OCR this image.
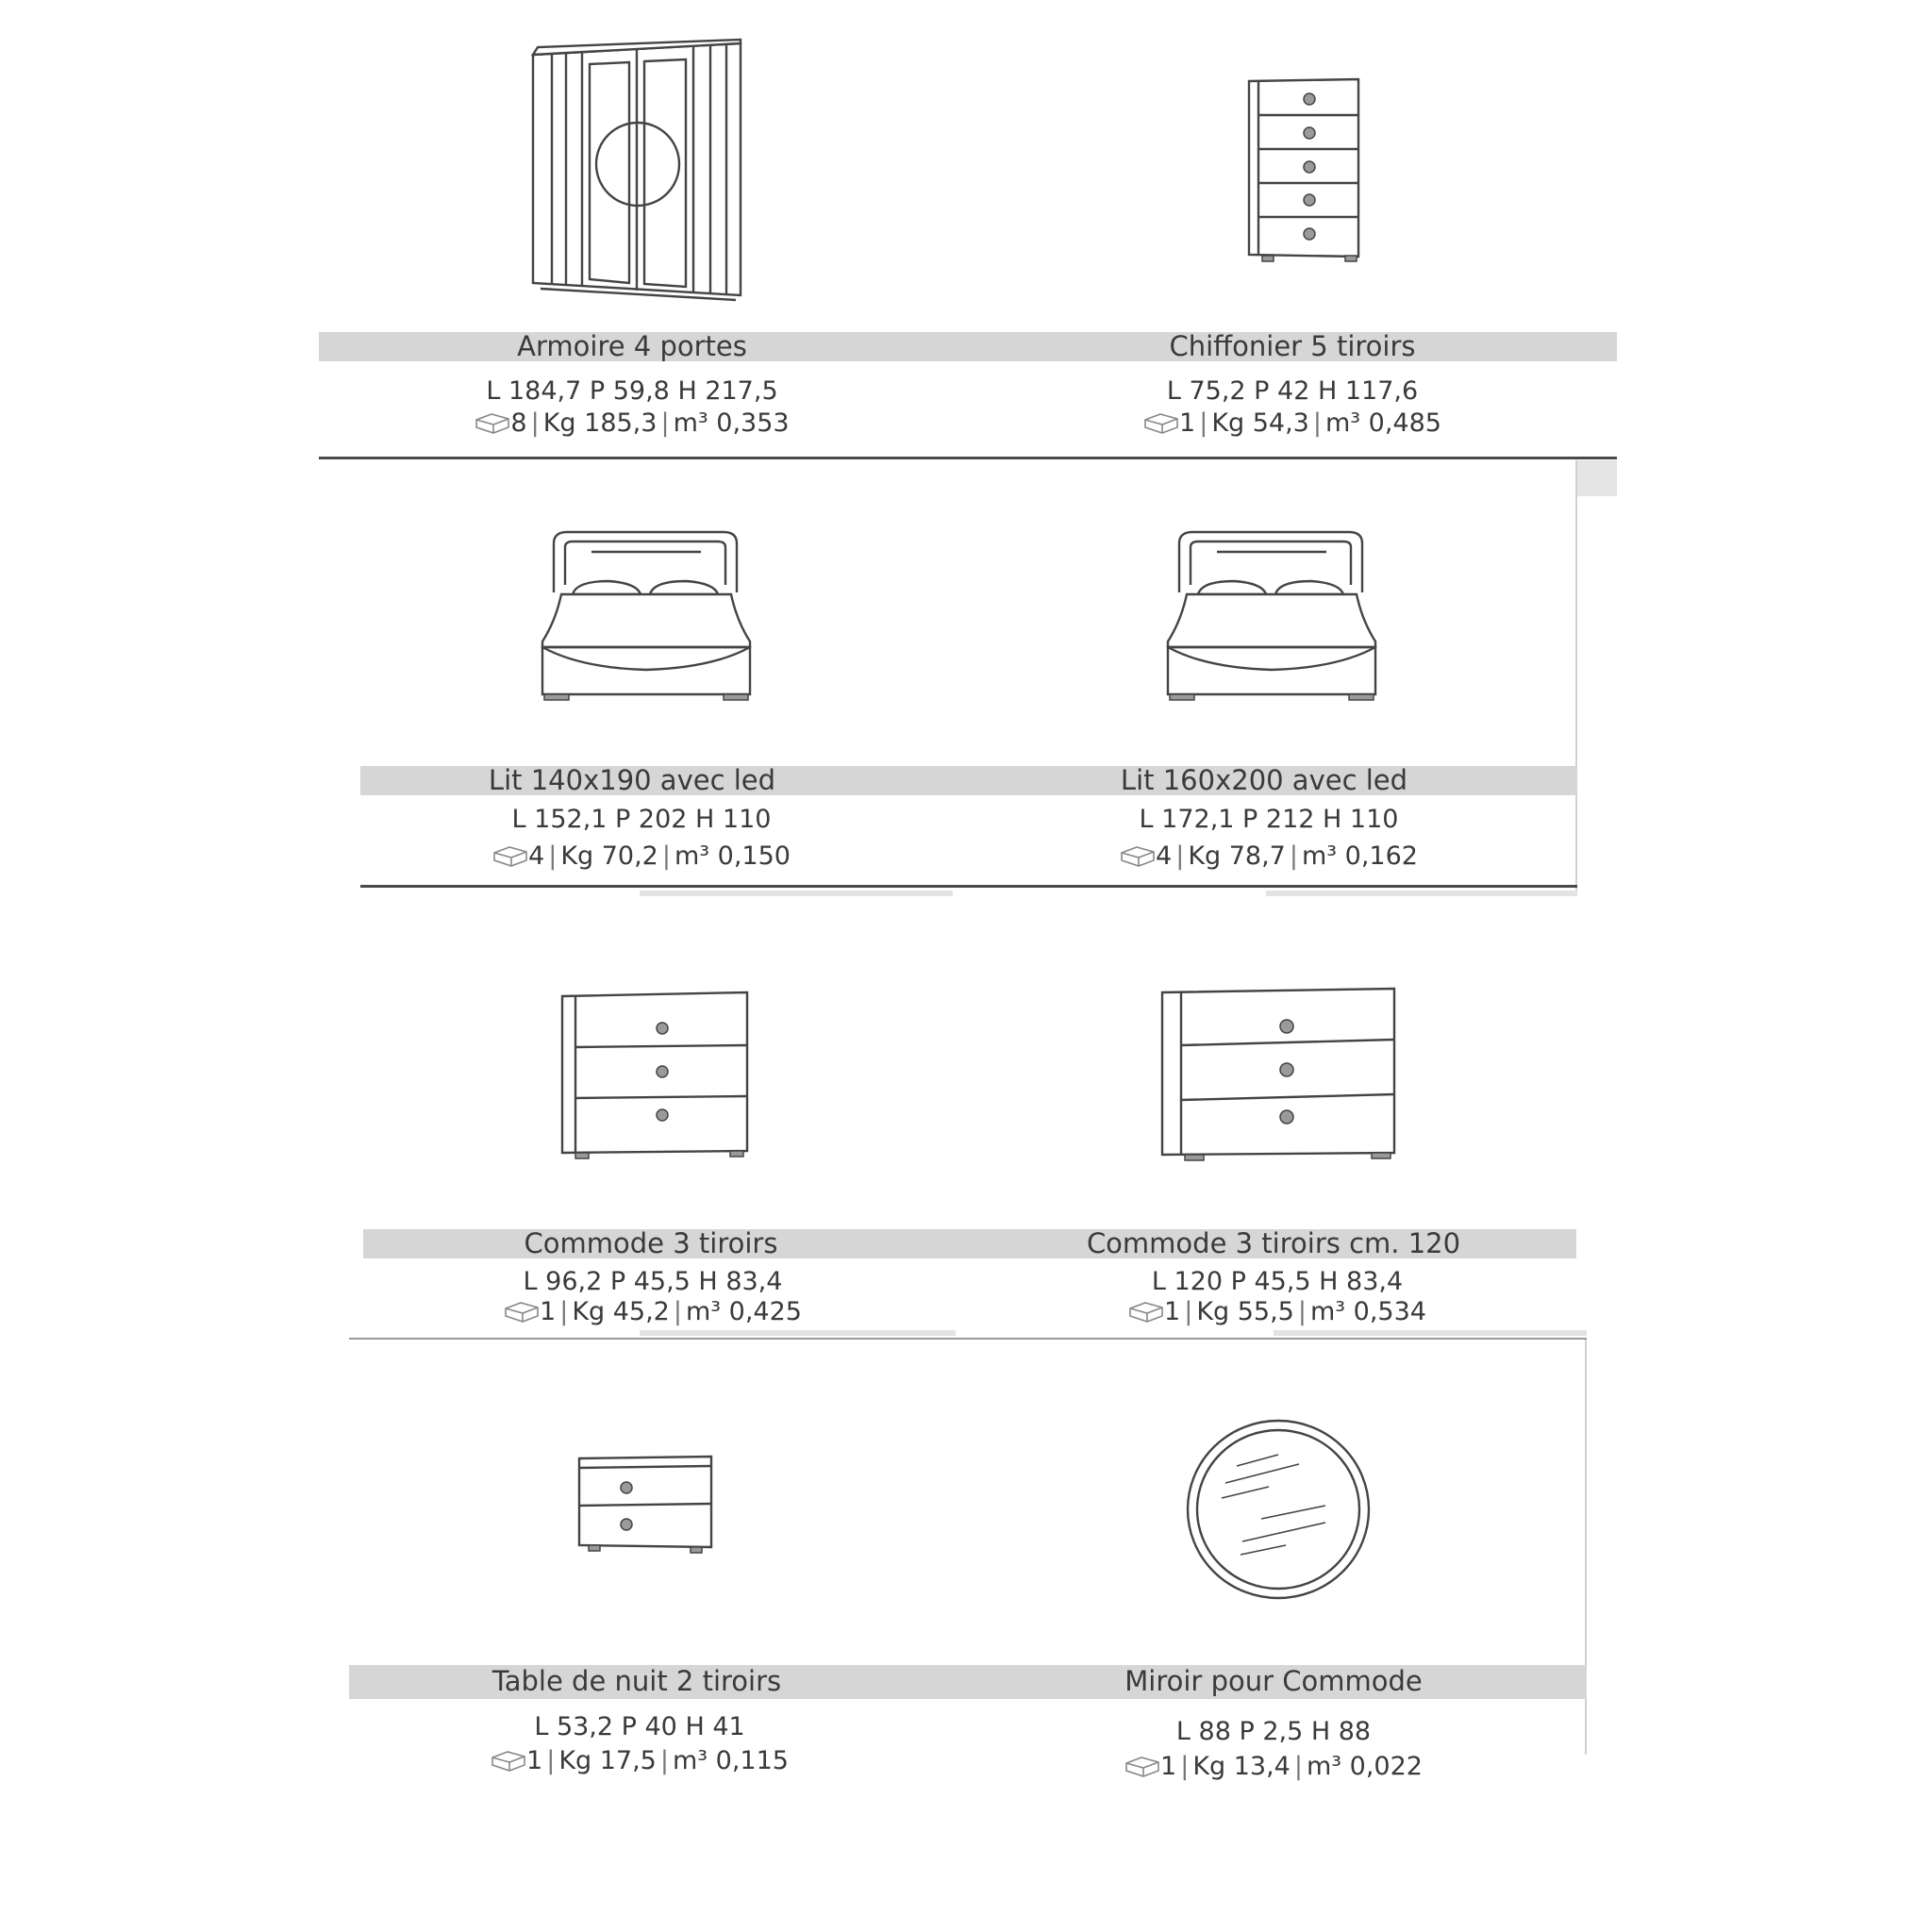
Armoire 4 portes	Chiffonier 5 tiroirs
L 184,7 P 59,8 H 217,5	L 75,2 P 42 H 117,6
8 | Kg 185,3 | m³ 0,353	1 | Kg 54,3 | m³ 0,485
Lit 140x190 avec led	Lit 160x200 avec led
L 152,1 P 202 H 110	L 172,1 P 212 H 110
4 | Kg 70,2 | m³ 0,150	4 | Kg 78,7 | m³ 0,162
Commode 3 tiroirs	Commode 3 tiroirs cm. 120
L 96,2 P 45,5 H 83,4	L 120 P 45,5 H 83,4
1 | Kg 45,2 | m³ 0,425	1 | Kg 55,5 | m³ 0,534
Table de nuit 2 tiroirs	Miroir pour Commode
L 53,2 P 40 H 41	L 88 P 2,5 H 88
1 | Kg 17,5 | m³ 0,115	1 | Kg 13,4 | m³ 0,022
